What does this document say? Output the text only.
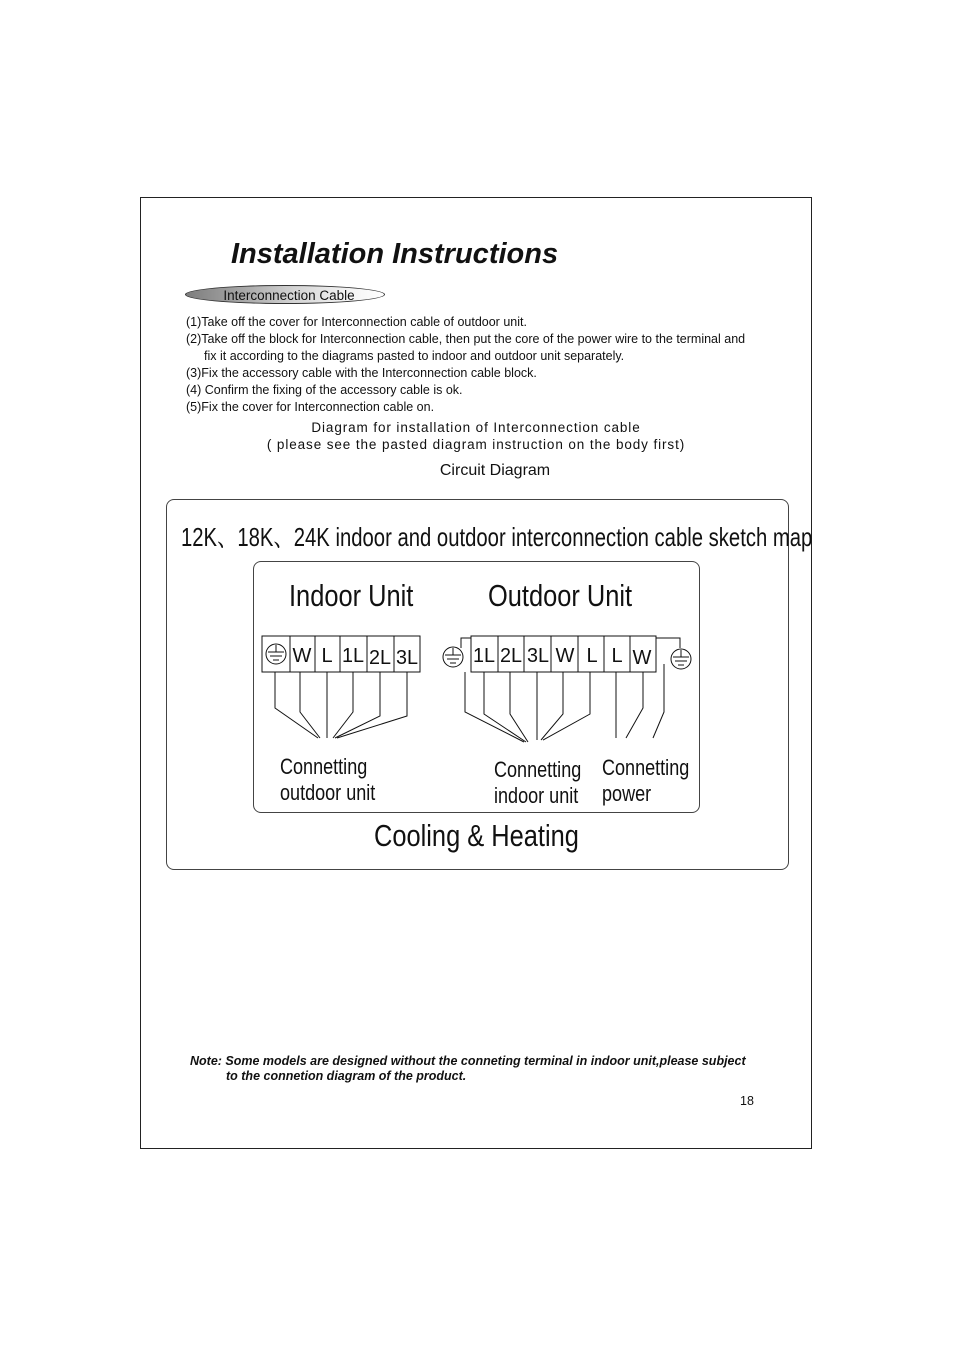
Installation Instructions
Interconnection Cable
(1)Take off the cover for Interconnection cable of outdoor unit.
(2)Take off the block for Interconnection cable, then put the core of the power wire to the terminal and
fix it according to the diagrams pasted to indoor and outdoor unit separately.
(3)Fix the accessory cable with the Interconnection cable block.
(4) Confirm the fixing of the accessory cable is ok.
(5)Fix the cover for Interconnection cable on.
Diagram for installation of Interconnection cable
( please see the pasted diagram instruction on the body first)
Circuit Diagram
12K、18K、24K indoor and outdoor interconnection cable sketch map
Indoor Unit Outdoor Unit
W L 1L 2L 3L	1L 2L 3L W L L W
Connetting
outdoor unit
Connetting
indoor unit
Connetting
power
Cooling & Heating

Note: Some models are designed without the conneting terminal in indoor unit,please subject
to the connetion diagram of the product.

18
